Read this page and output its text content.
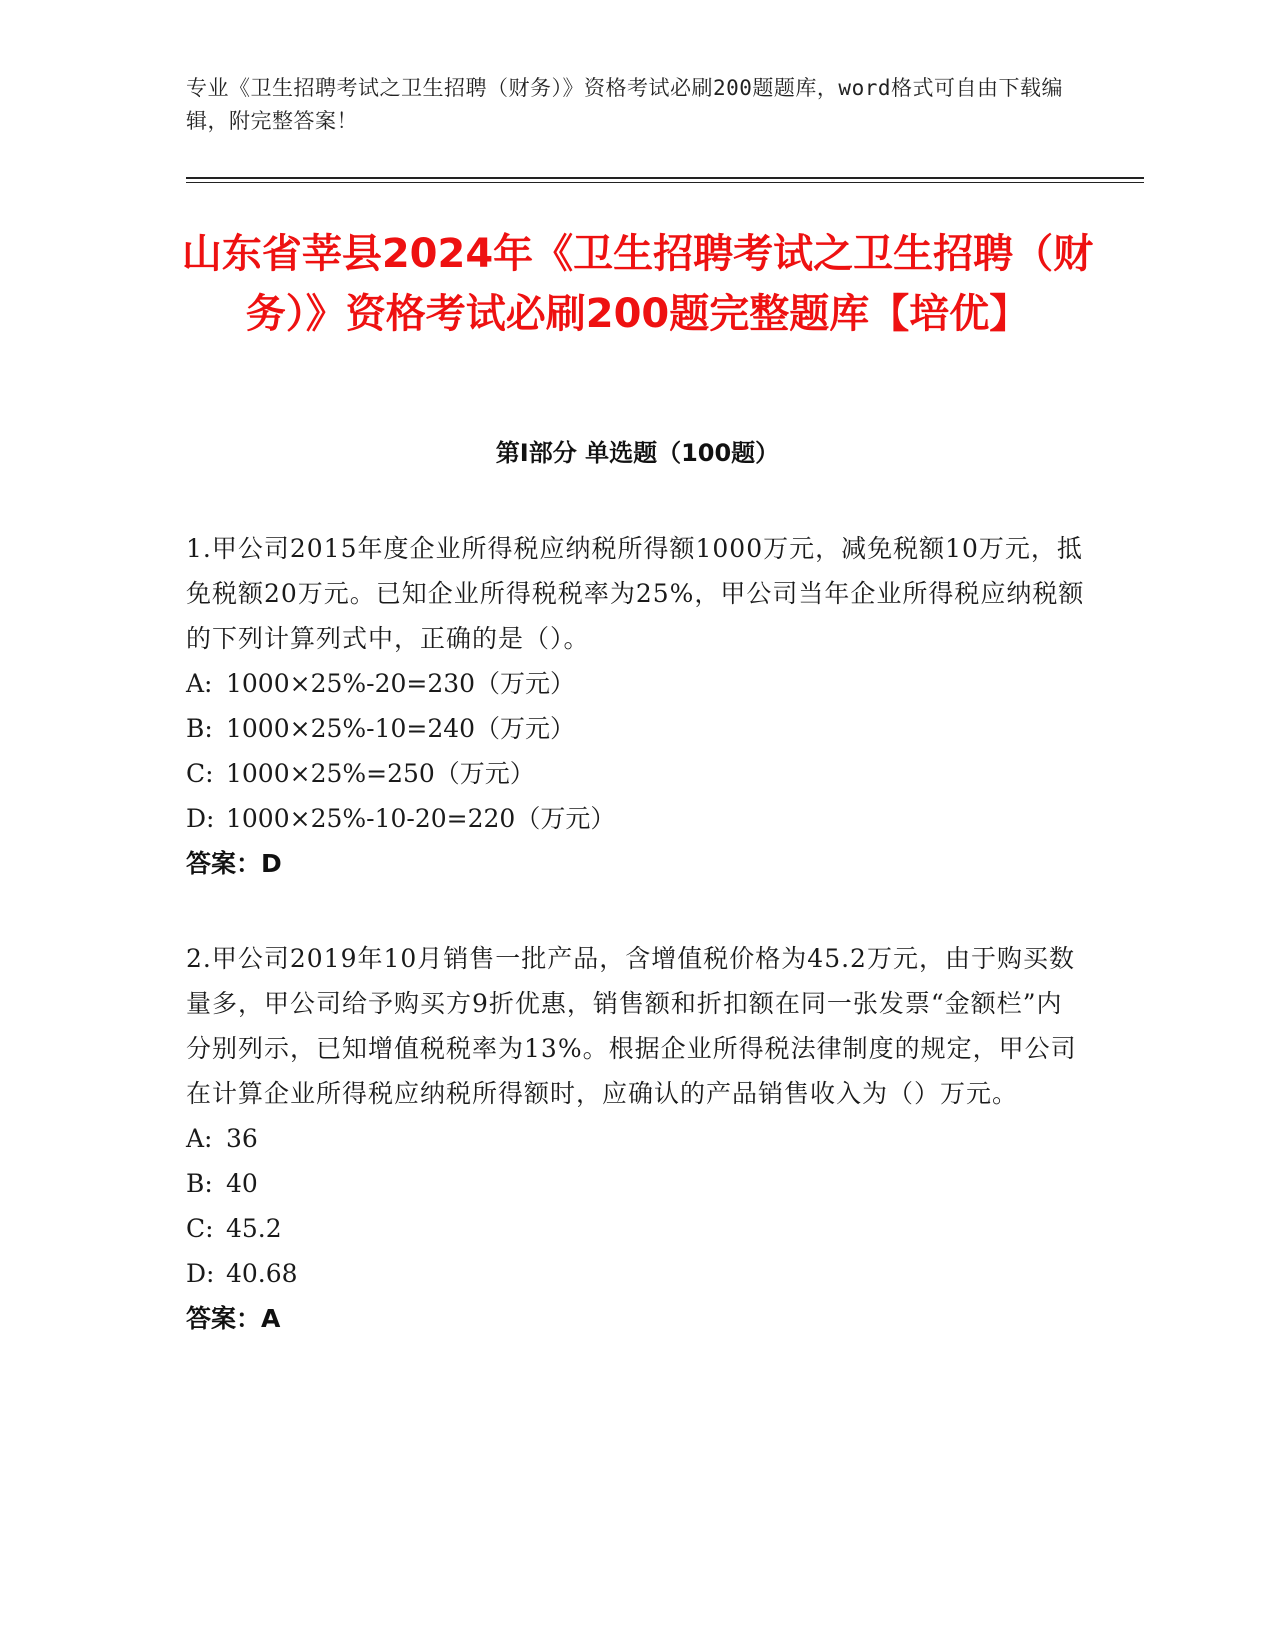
专业《卫生招聘考试之卫生招聘（财务）》资格考试必刷200题题库，word格式可自由下载编辑，附完整答案！
山东省莘县2024年《卫生招聘考试之卫生招聘（财务）》资格考试必刷200题完整题库【培优】
第I部分 单选题（100题）

1.甲公司2015年度企业所得税应纳税所得额1000万元，减免税额10万元，抵免税额20万元。已知企业所得税税率为25%，甲公司当年企业所得税应纳税额的下列计算列式中，正确的是（）。

A: 1000×25%-20=230（万元）
B: 1000×25%-10=240（万元）
C: 1000×25%=250（万元）
D: 1000×25%-10-20=220（万元）
答案：D

2.甲公司2019年10月销售一批产品，含增值税价格为45.2万元，由于购买数量多，甲公司给予购买方9折优惠，销售额和折扣额在同一张发票“金额栏”内分别列示，已知增值税税率为13%。根据企业所得税法律制度的规定，甲公司在计算企业所得税应纳税所得额时，应确认的产品销售收入为（）万元。

A: 36
B: 40
C: 45.2
D: 40.68
答案：A
